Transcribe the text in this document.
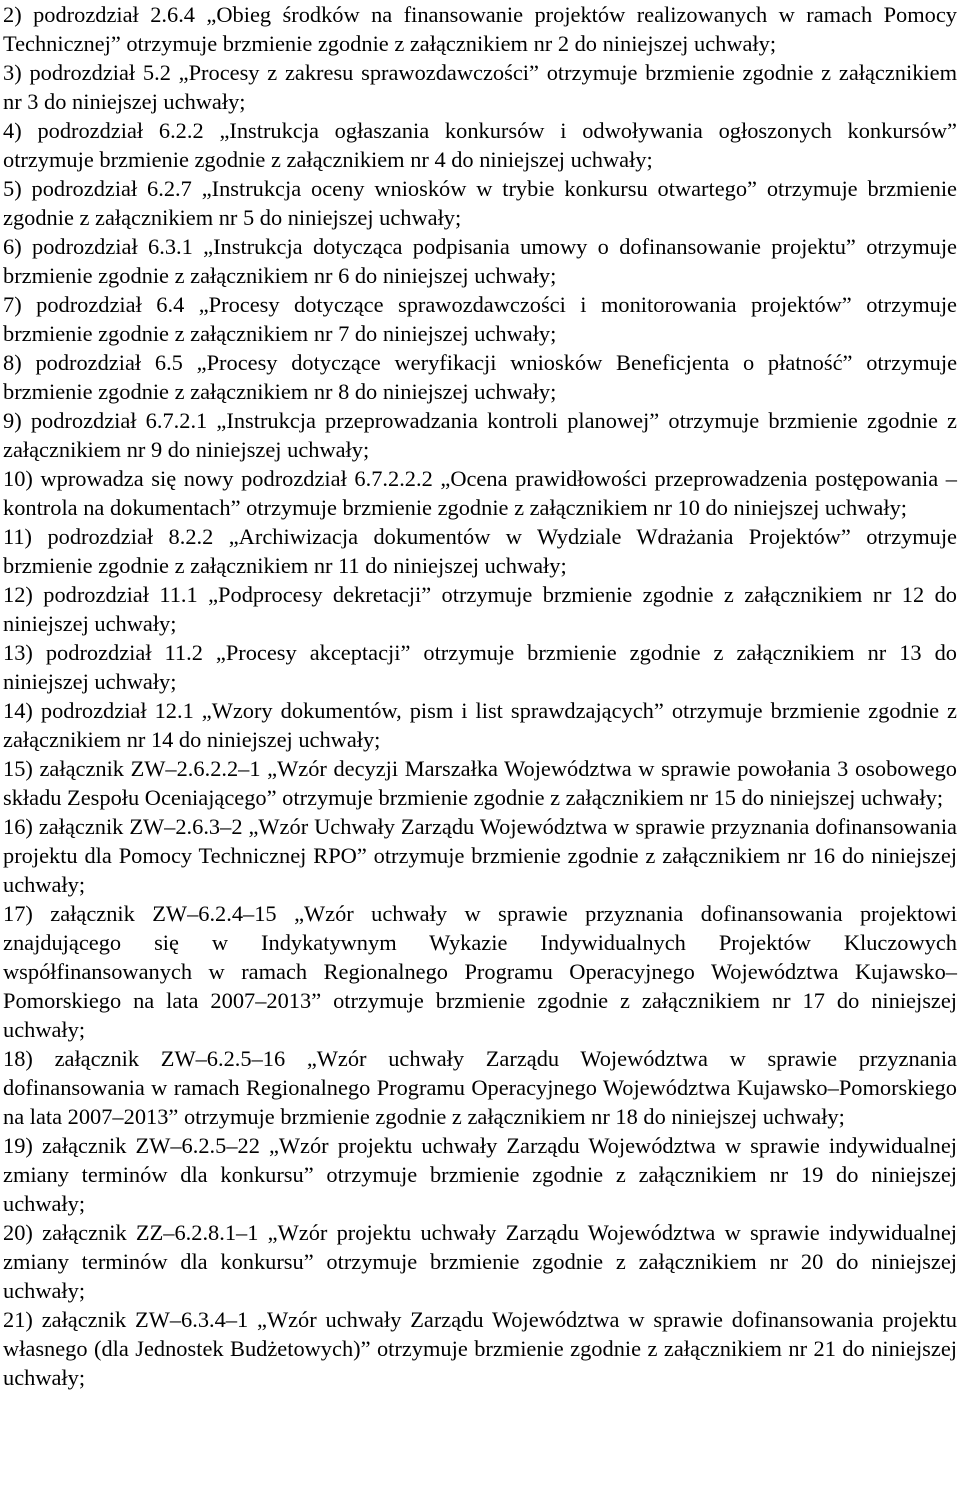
2) podrozdział 2.6.4 „Obieg środków na finansowanie projektów realizowanych w ramach Pomocy Technicznej” otrzymuje brzmienie zgodnie z załącznikiem nr 2 do niniejszej uchwały;
3) podrozdział 5.2 „Procesy z zakresu sprawozdawczości” otrzymuje brzmienie zgodnie z załącznikiem nr 3 do niniejszej uchwały;
4) podrozdział 6.2.2 „Instrukcja ogłaszania konkursów i odwoływania ogłoszonych konkursów” otrzymuje brzmienie zgodnie z załącznikiem nr 4 do niniejszej uchwały;
5) podrozdział 6.2.7 „Instrukcja oceny wniosków w trybie konkursu otwartego” otrzymuje brzmienie zgodnie z załącznikiem nr 5 do niniejszej uchwały;
6) podrozdział 6.3.1 „Instrukcja dotycząca podpisania umowy o dofinansowanie projektu” otrzymuje brzmienie zgodnie z załącznikiem nr 6 do niniejszej uchwały;
7) podrozdział 6.4 „Procesy dotyczące sprawozdawczości i monitorowania projektów” otrzymuje brzmienie zgodnie z załącznikiem nr 7 do niniejszej uchwały;
8) podrozdział 6.5 „Procesy dotyczące weryfikacji wniosków Beneficjenta o płatność” otrzymuje brzmienie zgodnie z załącznikiem nr 8 do niniejszej uchwały;
9) podrozdział 6.7.2.1 „Instrukcja przeprowadzania kontroli planowej” otrzymuje brzmienie zgodnie z załącznikiem nr 9 do niniejszej uchwały;
10) wprowadza się nowy podrozdział 6.7.2.2.2 „Ocena prawidłowości przeprowadzenia postępowania – kontrola na dokumentach” otrzymuje brzmienie zgodnie z załącznikiem nr 10 do niniejszej uchwały;
11) podrozdział 8.2.2 „Archiwizacja dokumentów w Wydziale Wdrażania Projektów” otrzymuje brzmienie zgodnie z załącznikiem nr 11 do niniejszej uchwały;
12) podrozdział 11.1 „Podprocesy dekretacji” otrzymuje brzmienie zgodnie z załącznikiem nr 12 do niniejszej uchwały;
13) podrozdział 11.2 „Procesy akceptacji” otrzymuje brzmienie zgodnie z załącznikiem nr 13 do niniejszej uchwały;
14) podrozdział 12.1 „Wzory dokumentów, pism i list sprawdzających” otrzymuje brzmienie zgodnie z załącznikiem nr 14 do niniejszej uchwały;
15) załącznik ZW–2.6.2.2–1 „Wzór decyzji Marszałka Województwa w sprawie powołania 3 osobowego składu Zespołu Oceniającego” otrzymuje brzmienie zgodnie z załącznikiem nr 15 do niniejszej uchwały;
16) załącznik ZW–2.6.3–2 „Wzór Uchwały Zarządu Województwa w sprawie przyznania dofinansowania projektu dla Pomocy Technicznej RPO” otrzymuje brzmienie zgodnie z załącznikiem nr 16 do niniejszej uchwały;
17) załącznik ZW–6.2.4–15 „Wzór uchwały w sprawie przyznania dofinansowania projektowi znajdującego się w Indykatywnym Wykazie Indywidualnych Projektów Kluczowych współfinansowanych w ramach Regionalnego Programu Operacyjnego Województwa Kujawsko–Pomorskiego na lata 2007–2013” otrzymuje brzmienie zgodnie z załącznikiem nr 17 do niniejszej uchwały;
18) załącznik ZW–6.2.5–16 „Wzór uchwały Zarządu Województwa w sprawie przyznania dofinansowania w ramach Regionalnego Programu Operacyjnego Województwa Kujawsko–Pomorskiego na lata 2007–2013” otrzymuje brzmienie zgodnie z załącznikiem nr 18 do niniejszej uchwały;
19) załącznik ZW–6.2.5–22 „Wzór projektu uchwały Zarządu Województwa w sprawie indywidualnej zmiany terminów dla konkursu” otrzymuje brzmienie zgodnie z załącznikiem nr 19 do niniejszej uchwały;
20) załącznik ZZ–6.2.8.1–1 „Wzór projektu uchwały Zarządu Województwa w sprawie indywidualnej zmiany terminów dla konkursu” otrzymuje brzmienie zgodnie z załącznikiem nr 20 do niniejszej uchwały;
21) załącznik ZW–6.3.4–1 „Wzór uchwały Zarządu Województwa w sprawie dofinansowania projektu własnego (dla Jednostek Budżetowych)” otrzymuje brzmienie zgodnie z załącznikiem nr 21 do niniejszej uchwały;
